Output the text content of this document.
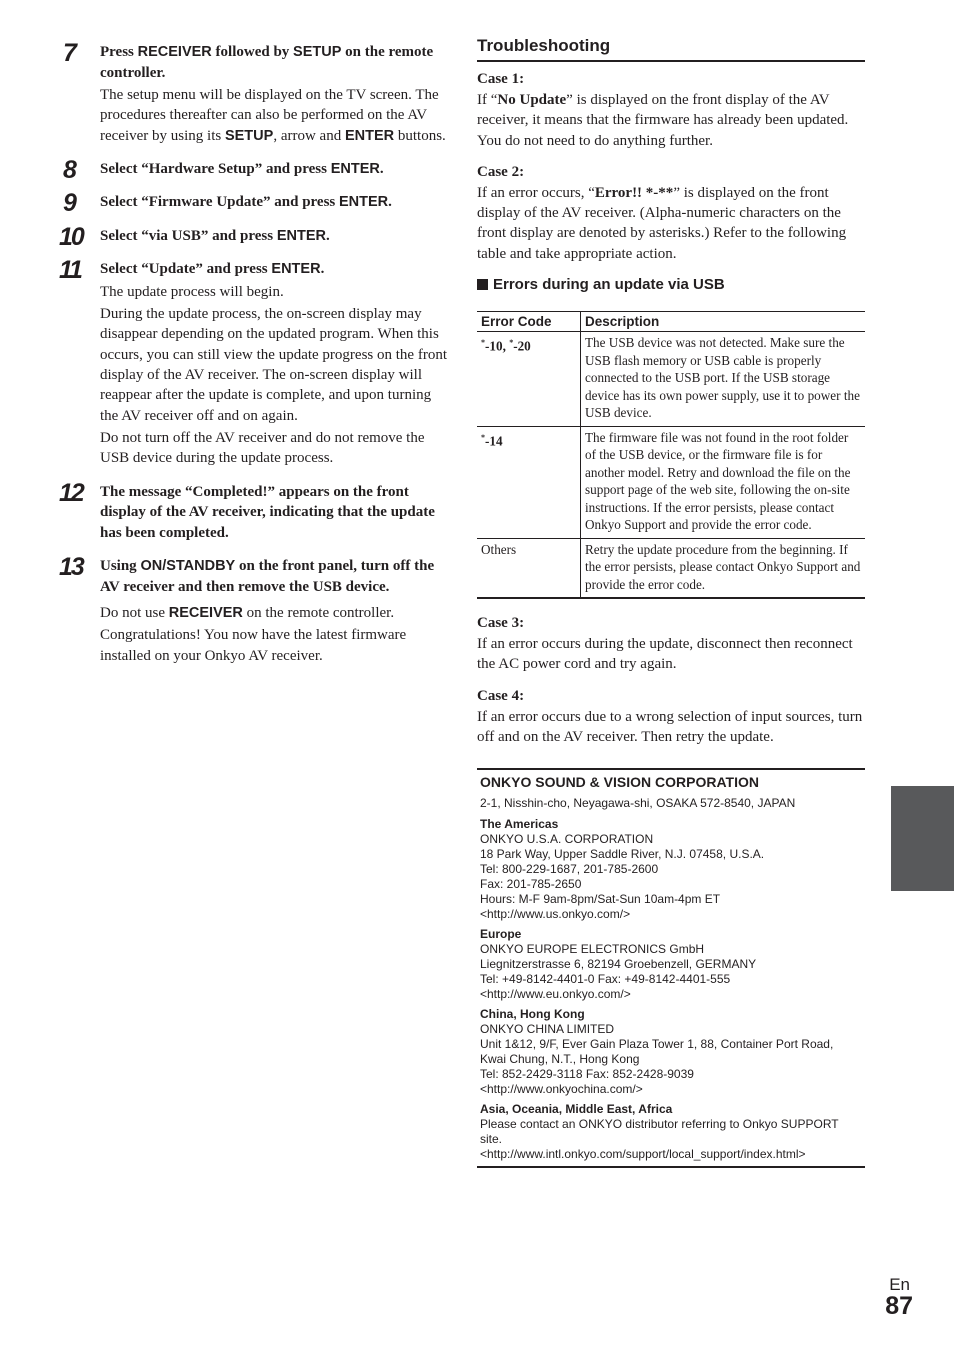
7 Press RECEIVER followed by SETUP on the remote controller.

The setup menu will be displayed on the TV screen. The procedures thereafter can also be performed on the AV receiver by using its SETUP, arrow and ENTER buttons.

8 Select “Hardware Setup” and press ENTER.
9 Select “Firmware Update” and press ENTER.
10 Select “via USB” and press ENTER.
11 Select “Update” and press ENTER.

The update process will begin.

During the update process, the on-screen display may disappear depending on the updated program. When this occurs, you can still view the update progress on the front display of the AV receiver. The on-screen display will reappear after the update is complete, and upon turning the AV receiver off and on again.

Do not turn off the AV receiver and do not remove the USB device during the update process.

12 The message “Completed!” appears on the front display of the AV receiver, indicating that the update has been completed.
13 Using ON/STANDBY on the front panel, turn off the AV receiver and then remove the USB device.

Do not use RECEIVER on the remote controller.

Congratulations! You now have the latest firmware installed on your Onkyo AV receiver.

Troubleshooting
Case 1:
If “No Update” is displayed on the front display of the AV receiver, it means that the firmware has already been updated. You do not need to do anything further.
Case 2:
If an error occurs, “Error!! *-**” is displayed on the front display of the AV receiver. (Alpha-numeric characters on the front display are denoted by asterisks.) Refer to the following table and take appropriate action.
Errors during an update via USB
Error Code	Description
*-10, *-20	The USB device was not detected. Make sure the USB flash memory or USB cable is properly connected to the USB port. If the USB storage device has its own power supply, use it to power the USB device.
*-14	The firmware file was not found in the root folder of the USB device, or the firmware file is for another model. Retry and download the file on the support page of the web site, following the on-site instructions. If the error persists, please contact Onkyo Support and provide the error code.
Others	Retry the update procedure from the beginning. If the error persists, please contact Onkyo Support and provide the error code.
Case 3:
If an error occurs during the update, disconnect then reconnect the AC power cord and try again.
Case 4:
If an error occurs due to a wrong selection of input sources, turn off and on the AV receiver. Then retry the update.
ONKYO SOUND & VISION CORPORATION
2-1, Nisshin-cho, Neyagawa-shi, OSAKA 572-8540, JAPAN
The Americas
ONKYO U.S.A. CORPORATION
18 Park Way, Upper Saddle River, N.J. 07458, U.S.A.
Tel: 800-229-1687, 201-785-2600
Fax: 201-785-2650
Hours: M-F 9am-8pm/Sat-Sun 10am-4pm ET
<http://www.us.onkyo.com/>
Europe
ONKYO EUROPE ELECTRONICS GmbH
Liegnitzerstrasse 6, 82194 Groebenzell, GERMANY
Tel: +49-8142-4401-0 Fax: +49-8142-4401-555
<http://www.eu.onkyo.com/>
China, Hong Kong
ONKYO CHINA LIMITED
Unit 1&12, 9/F, Ever Gain Plaza Tower 1, 88, Container Port Road,
Kwai Chung, N.T., Hong Kong
Tel: 852-2429-3118 Fax: 852-2428-9039
<http://www.onkyochina.com/>
Asia, Oceania, Middle East, Africa
Please contact an ONKYO distributor referring to Onkyo SUPPORT site.
<http://www.intl.onkyo.com/support/local_support/index.html>
En
87
